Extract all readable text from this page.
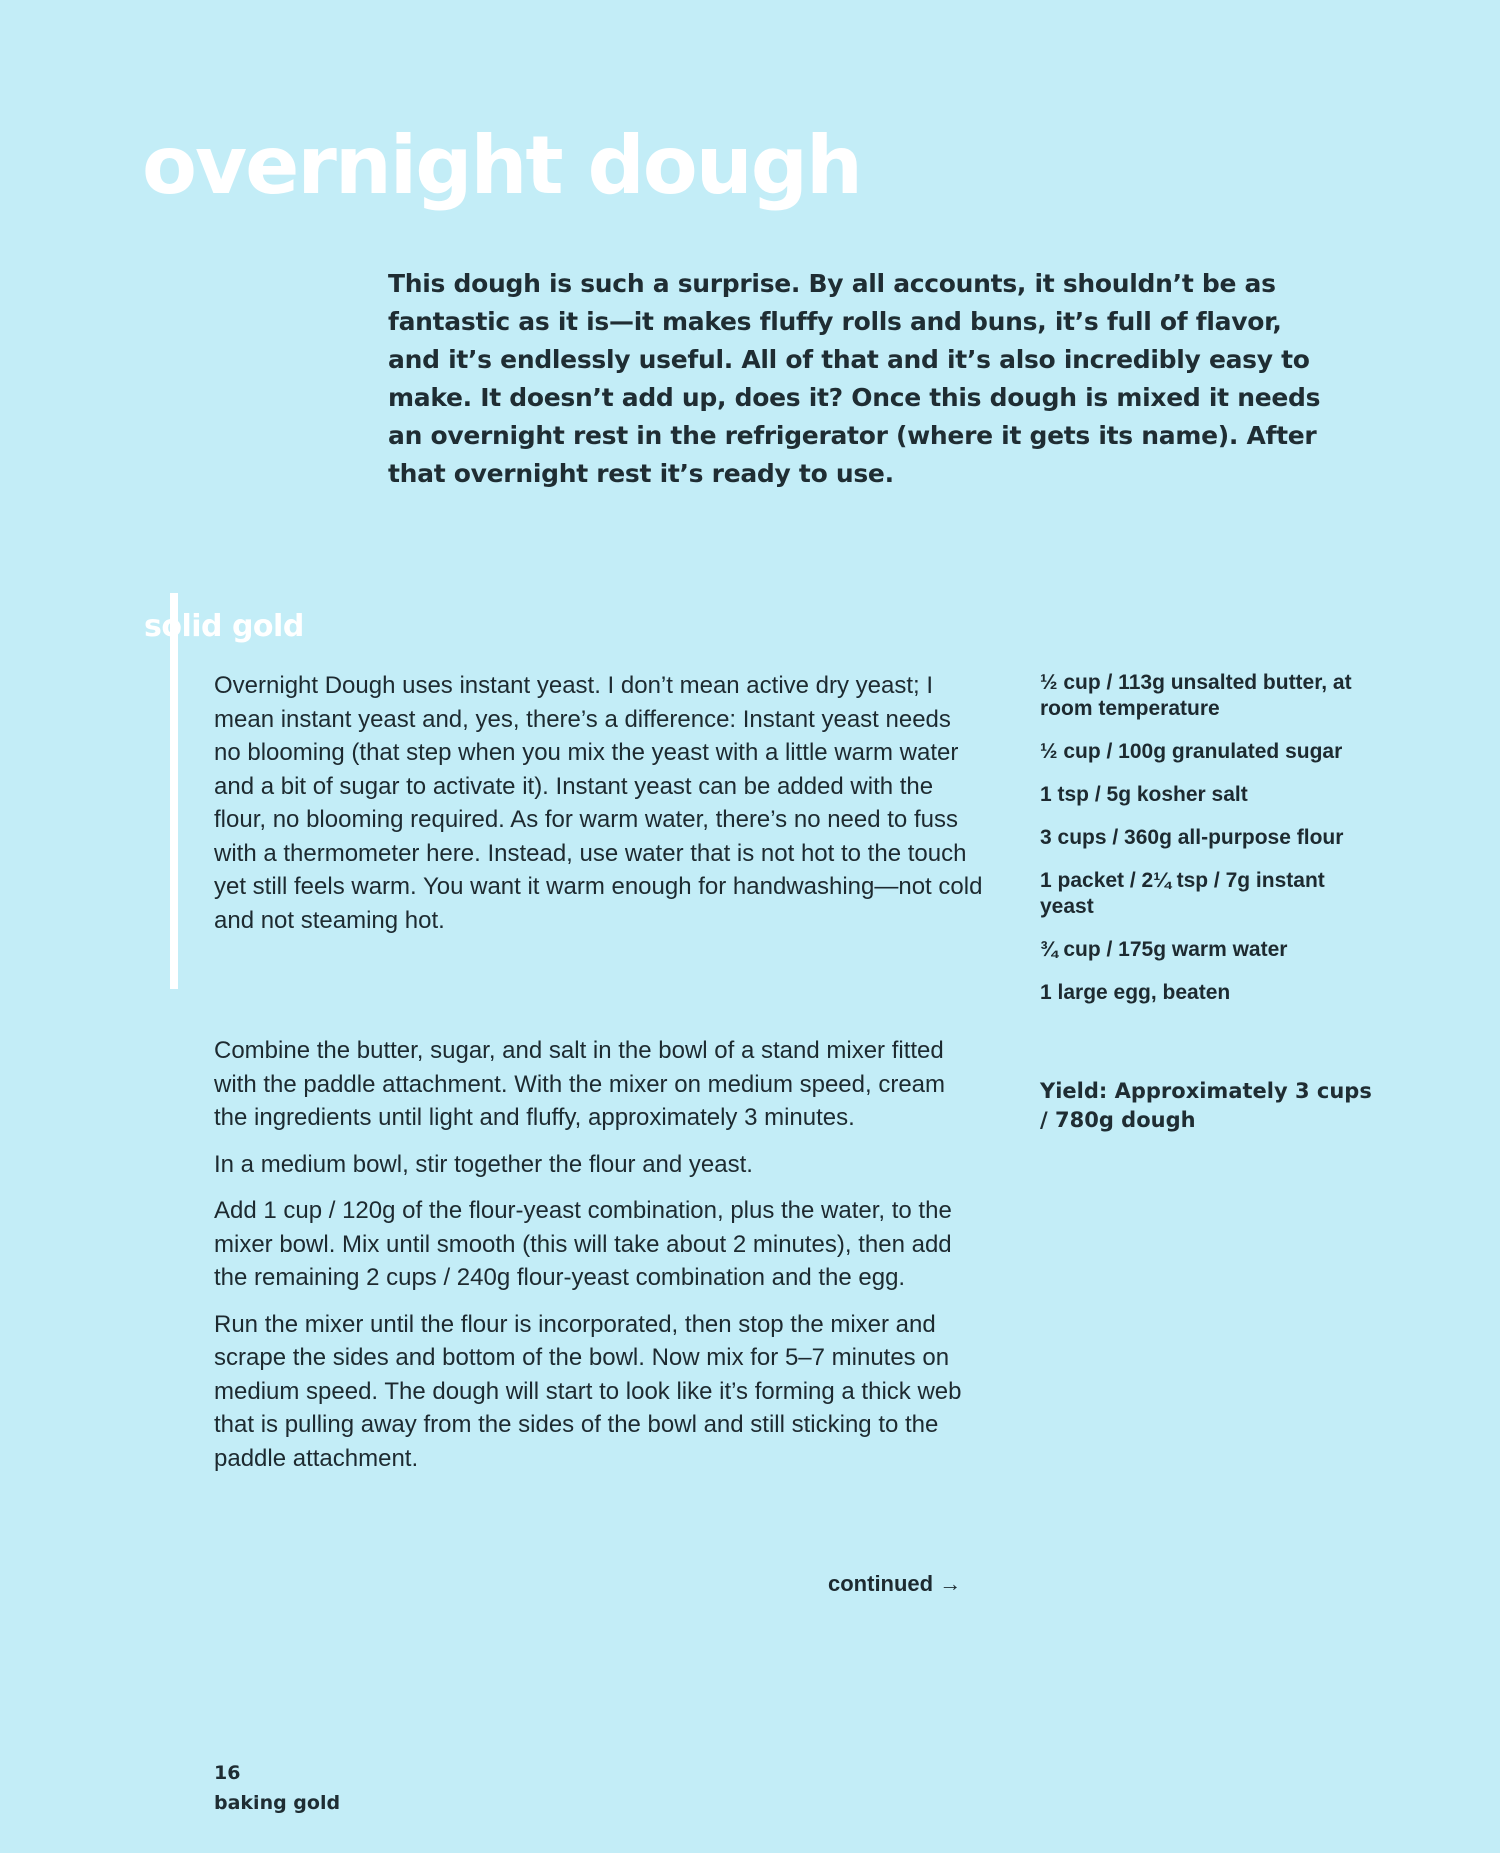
overnight dough

This dough is such a surprise. By all accounts, it shouldn’t be as fantastic as it is—it makes fluffy rolls and buns, it’s full of flavor, and it’s endlessly useful. All of that and it’s also incredibly easy to make. It doesn’t add up, does it? Once this dough is mixed it needs an overnight rest in the refrigerator (where it gets its name). After that overnight rest it’s ready to use.

solid gold

Overnight Dough uses instant yeast. I don’t mean active dry yeast; I mean instant yeast and, yes, there’s a difference: Instant yeast needs no blooming (that step when you mix the yeast with a little warm water and a bit of sugar to activate it). Instant yeast can be added with the flour, no blooming required. As for warm water, there’s no need to fuss with a thermometer here. Instead, use water that is not hot to the touch yet still feels warm. You want it warm enough for handwashing—not cold and not steaming hot.

Combine the butter, sugar, and salt in the bowl of a stand mixer fitted with the paddle attachment. With the mixer on medium speed, cream the ingredients until light and fluffy, approximately 3 minutes.

In a medium bowl, stir together the flour and yeast.

Add 1 cup / 120g of the flour-yeast combination, plus the water, to the mixer bowl. Mix until smooth (this will take about 2 minutes), then add the remaining 2 cups / 240g flour-yeast combination and the egg.

Run the mixer until the flour is incorporated, then stop the mixer and scrape the sides and bottom of the bowl. Now mix for 5–7 minutes on medium speed. The dough will start to look like it’s forming a thick web that is pulling away from the sides of the bowl and still sticking to the paddle attachment.

continued →
½ cup / 113g unsalted butter, at room temperature
½ cup / 100g granulated sugar
1 tsp / 5g kosher salt
3 cups / 360g all-purpose flour
1 packet / 2¼ tsp / 7g instant yeast
¾ cup / 175g warm water
1 large egg, beaten

Yield: Approximately 3 cups / 780g dough

16
baking gold
